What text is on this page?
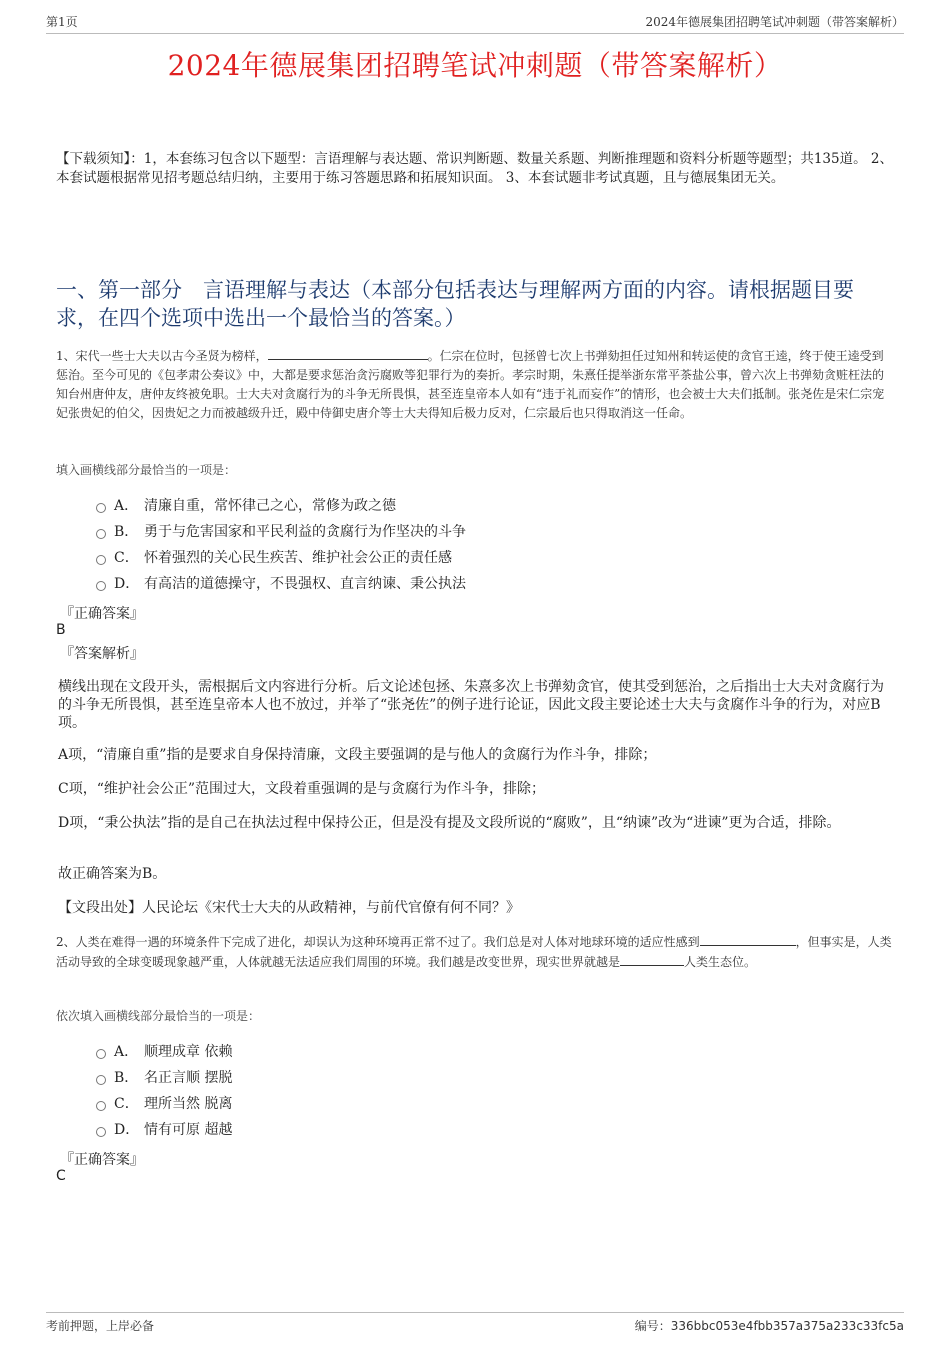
第1页	2024年德展集团招聘笔试冲刺题（带答案解析）
2024年德展集团招聘笔试冲刺题（带答案解析）
【下载须知】：1，本套练习包含以下题型：言语理解与表达题、常识判断题、数量关系题、判断推理题和资料分析题等题型；共135道。 2、本套试题根据常见招考题总结归纳，主要用于练习答题思路和拓展知识面。 3、本套试题非考试真题，且与德展集团无关。
一、第一部分　言语理解与表达（本部分包括表达与理解两方面的内容。请根据题目要求，在四个选项中选出一个最恰当的答案。）
1、宋代一些士大夫以古今圣贤为榜样，	。仁宗在位时，包拯曾七次上书弹劾担任过知州和转运使的贪官王逵，终于使王逵受到惩治。至今可见的《包孝肃公奏议》中，大都是要求惩治贪污腐败等犯罪行为的奏折。孝宗时期，朱熹任提举浙东常平茶盐公事，曾六次上书弹劾贪赃枉法的知台州唐仲友，唐仲友终被免职。士大夫对贪腐行为的斗争无所畏惧，甚至连皇帝本人如有“违于礼而妄作”的情形，也会被士大夫们抵制。张尧佐是宋仁宗宠妃张贵妃的伯父，因贵妃之力而被越级升迁，殿中侍御史唐介等士大夫得知后极力反对，仁宗最后也只得取消这一任命。
填入画横线部分最恰当的一项是：
A． 清廉自重，常怀律己之心，常修为政之德
B． 勇于与危害国家和平民利益的贪腐行为作坚决的斗争
C． 怀着强烈的关心民生疾苦、维护社会公正的责任感
D． 有高洁的道德操守，不畏强权、直言纳谏、秉公执法
『正确答案』
B
『答案解析』
横线出现在文段开头，需根据后文内容进行分析。后文论述包拯、朱熹多次上书弹劾贪官，使其受到惩治，之后指出士大夫对贪腐行为的斗争无所畏惧，甚至连皇帝本人也不放过，并举了“张尧佐”的例子进行论证，因此文段主要论述士大夫与贪腐作斗争的行为，对应B项。
A项，“清廉自重”指的是要求自身保持清廉，文段主要强调的是与他人的贪腐行为作斗争，排除；
C项，“维护社会公正”范围过大，文段着重强调的是与贪腐行为作斗争，排除；
D项，“秉公执法”指的是自己在执法过程中保持公正，但是没有提及文段所说的“腐败”，且“纳谏”改为“进谏”更为合适，排除。
故正确答案为B。
【文段出处】人民论坛《宋代士大夫的从政精神，与前代官僚有何不同？》
2、人类在难得一遇的环境条件下完成了进化，却误认为这种环境再正常不过了。我们总是对人体对地球环境的适应性感到	，但事实是，人类活动导致的全球变暖现象越严重，人体就越无法适应我们周围的环境。我们越是改变世界，现实世界就越是	人类生态位。
依次填入画横线部分最恰当的一项是：
A． 顺理成章 依赖
B． 名正言顺 摆脱
C． 理所当然 脱离
D． 情有可原 超越
『正确答案』
C
考前押题，上岸必备	编号：336bbc053e4fbb357a375a233c33fc5a
